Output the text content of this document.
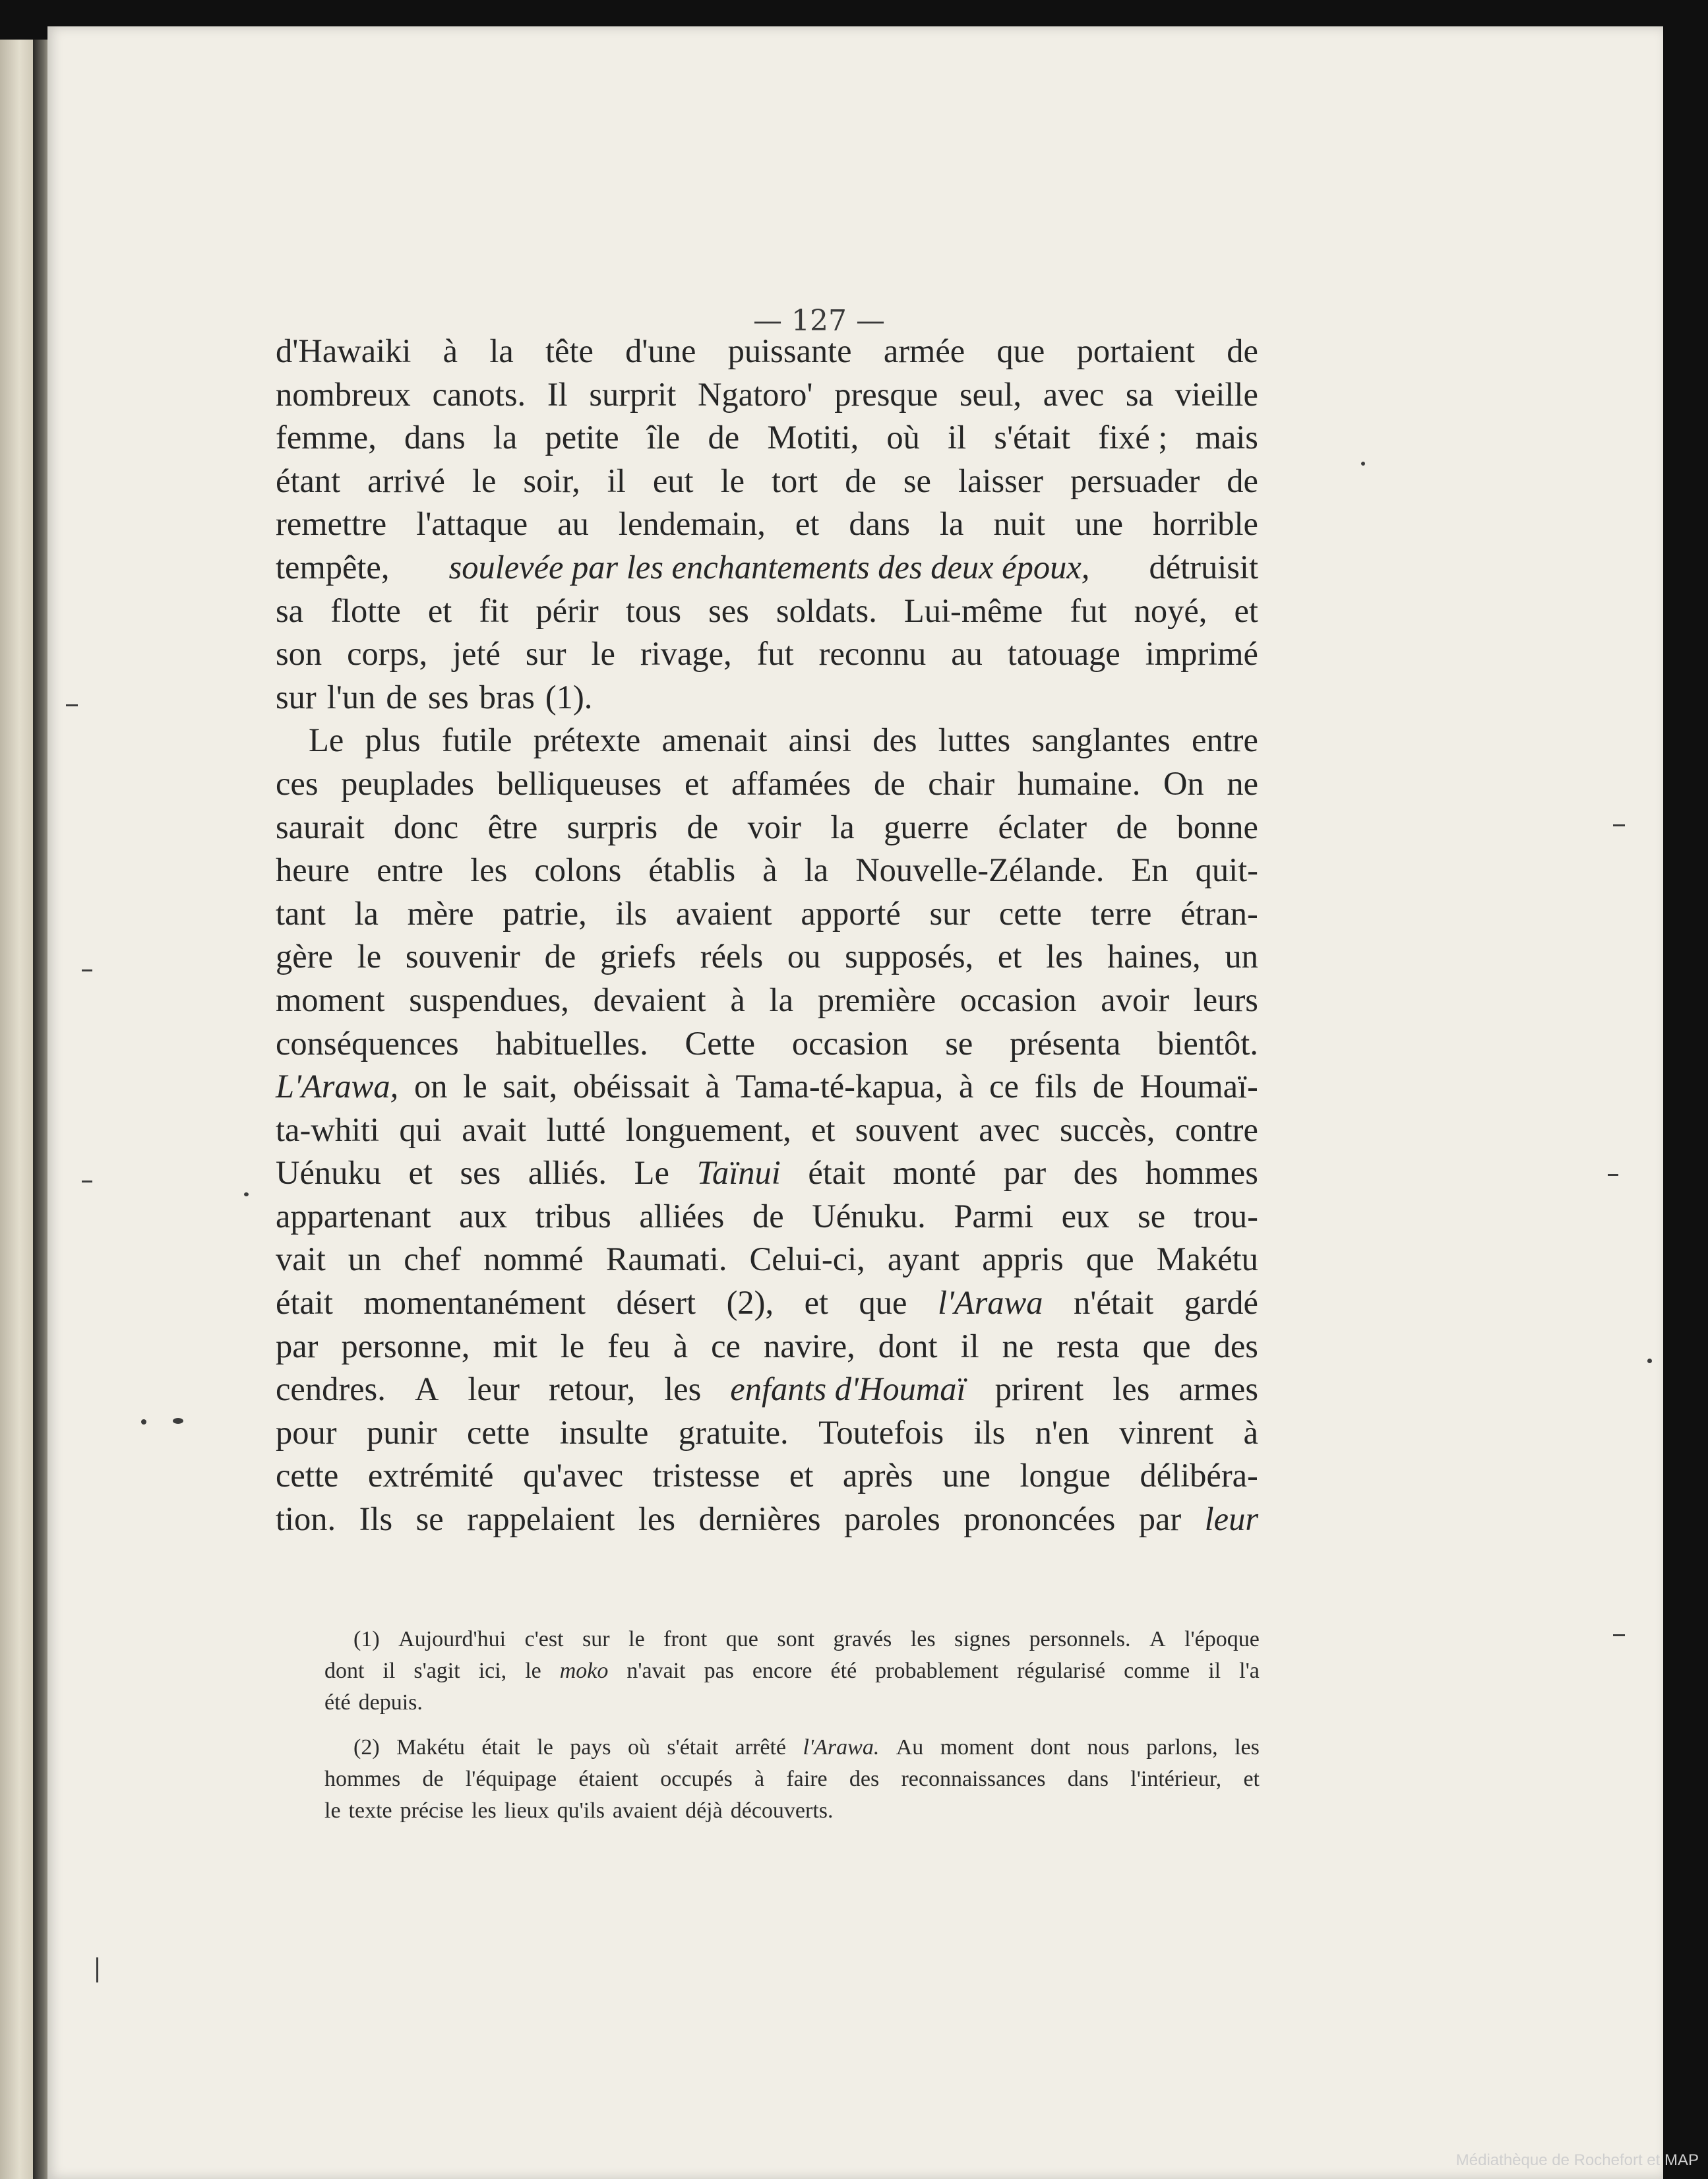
— 127 —
d'Hawaiki à la tête d'une puissante armée que portaient de
nombreux canots. Il surprit Ngatoro' presque seul, avec sa vieille
femme, dans la petite île de Motiti, où il s'était fixé ; mais
étant arrivé le soir, il eut le tort de se laisser persuader de
remettre l'attaque au lendemain, et dans la nuit une horrible
tempête, soulevée par les enchantements des deux époux, détruisit
sa flotte et fit périr tous ses soldats. Lui-même fut noyé, et
son corps, jeté sur le rivage, fut reconnu au tatouage imprimé
sur l'un de ses bras (1).
Le plus futile prétexte amenait ainsi des luttes sanglantes entre
ces peuplades belliqueuses et affamées de chair humaine. On ne
saurait donc être surpris de voir la guerre éclater de bonne
heure entre les colons établis à la Nouvelle-Zélande. En quit-
tant la mère patrie, ils avaient apporté sur cette terre étran-
gère le souvenir de griefs réels ou supposés, et les haines, un
moment suspendues, devaient à la première occasion avoir leurs
conséquences habituelles. Cette occasion se présenta bientôt.
L'Arawa, on le sait, obéissait à Tama-té-kapua, à ce fils de Houmaï-
ta-whiti qui avait lutté longuement, et souvent avec succès, contre
Uénuku et ses alliés. Le Taïnui était monté par des hommes
appartenant aux tribus alliées de Uénuku. Parmi eux se trou-
vait un chef nommé Raumati. Celui-ci, ayant appris que Makétu
était momentanément désert (2), et que l'Arawa n'était gardé
par personne, mit le feu à ce navire, dont il ne resta que des
cendres. A leur retour, les enfants d'Houmaï prirent les armes
pour punir cette insulte gratuite. Toutefois ils n'en vinrent à
cette extrémité qu'avec tristesse et après une longue délibéra-
tion. Ils se rappelaient les dernières paroles prononcées par leur
(1) Aujourd'hui c'est sur le front que sont gravés les signes personnels. A l'époque
dont il s'agit ici, le moko n'avait pas encore été probablement régularisé comme il l'a
été depuis.
(2) Makétu était le pays où s'était arrêté l'Arawa. Au moment dont nous parlons, les
hommes de l'équipage étaient occupés à faire des reconnaissances dans l'intérieur, et
le texte précise les lieux qu'ils avaient déjà découverts.
Médiathèque de Rochefort et MAP
